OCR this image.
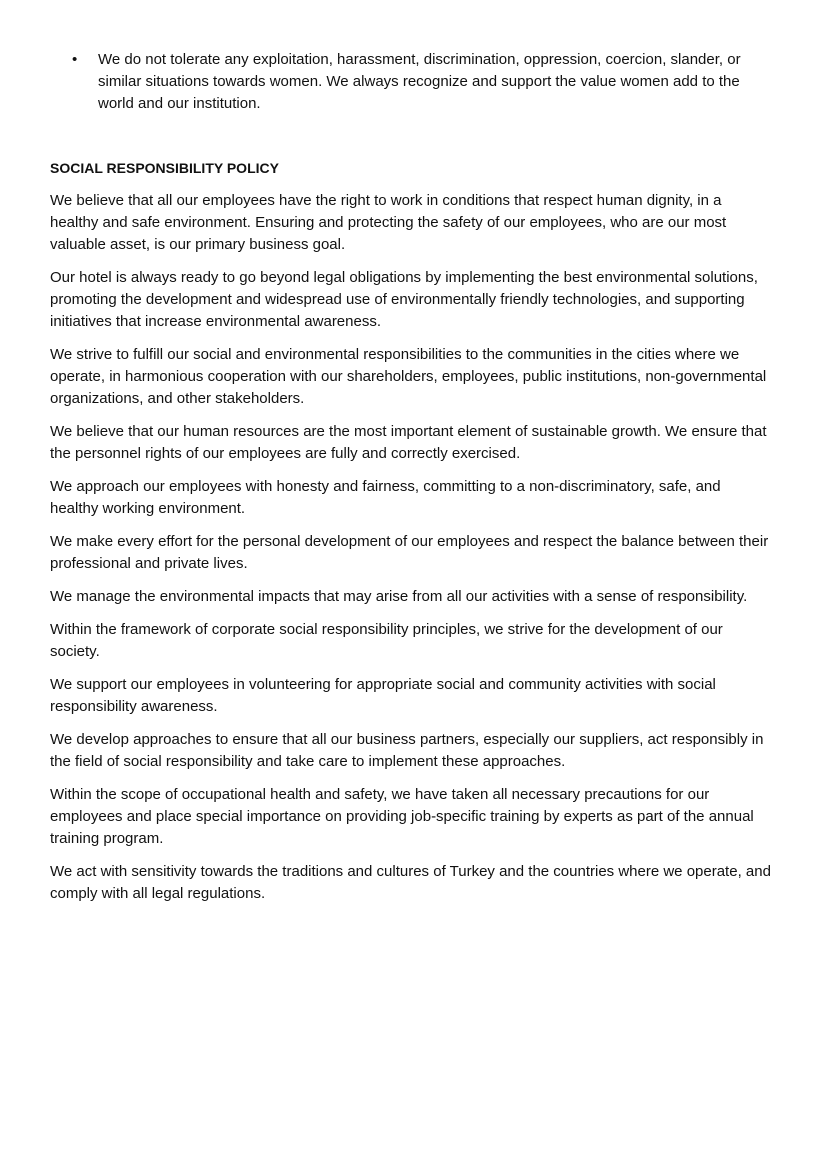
•	We do not tolerate any exploitation, harassment, discrimination, oppression, coercion, slander, or similar situations towards women. We always recognize and support the value women add to the world and our institution.
SOCIAL RESPONSIBILITY POLICY

We believe that all our employees have the right to work in conditions that respect human dignity, in a healthy and safe environment. Ensuring and protecting the safety of our employees, who are our most valuable asset, is our primary business goal.

Our hotel is always ready to go beyond legal obligations by implementing the best environmental solutions, promoting the development and widespread use of environmentally friendly technologies, and supporting initiatives that increase environmental awareness.

We strive to fulfill our social and environmental responsibilities to the communities in the cities where we operate, in harmonious cooperation with our shareholders, employees, public institutions, non-governmental organizations, and other stakeholders.

We believe that our human resources are the most important element of sustainable growth. We ensure that the personnel rights of our employees are fully and correctly exercised.

We approach our employees with honesty and fairness, committing to a non-discriminatory, safe, and healthy working environment.

We make every effort for the personal development of our employees and respect the balance between their professional and private lives.

We manage the environmental impacts that may arise from all our activities with a sense of responsibility.

Within the framework of corporate social responsibility principles, we strive for the development of our society.

We support our employees in volunteering for appropriate social and community activities with social responsibility awareness.

We develop approaches to ensure that all our business partners, especially our suppliers, act responsibly in the field of social responsibility and take care to implement these approaches.

Within the scope of occupational health and safety, we have taken all necessary precautions for our employees and place special importance on providing job-specific training by experts as part of the annual training program.

We act with sensitivity towards the traditions and cultures of Turkey and the countries where we operate, and comply with all legal regulations.
